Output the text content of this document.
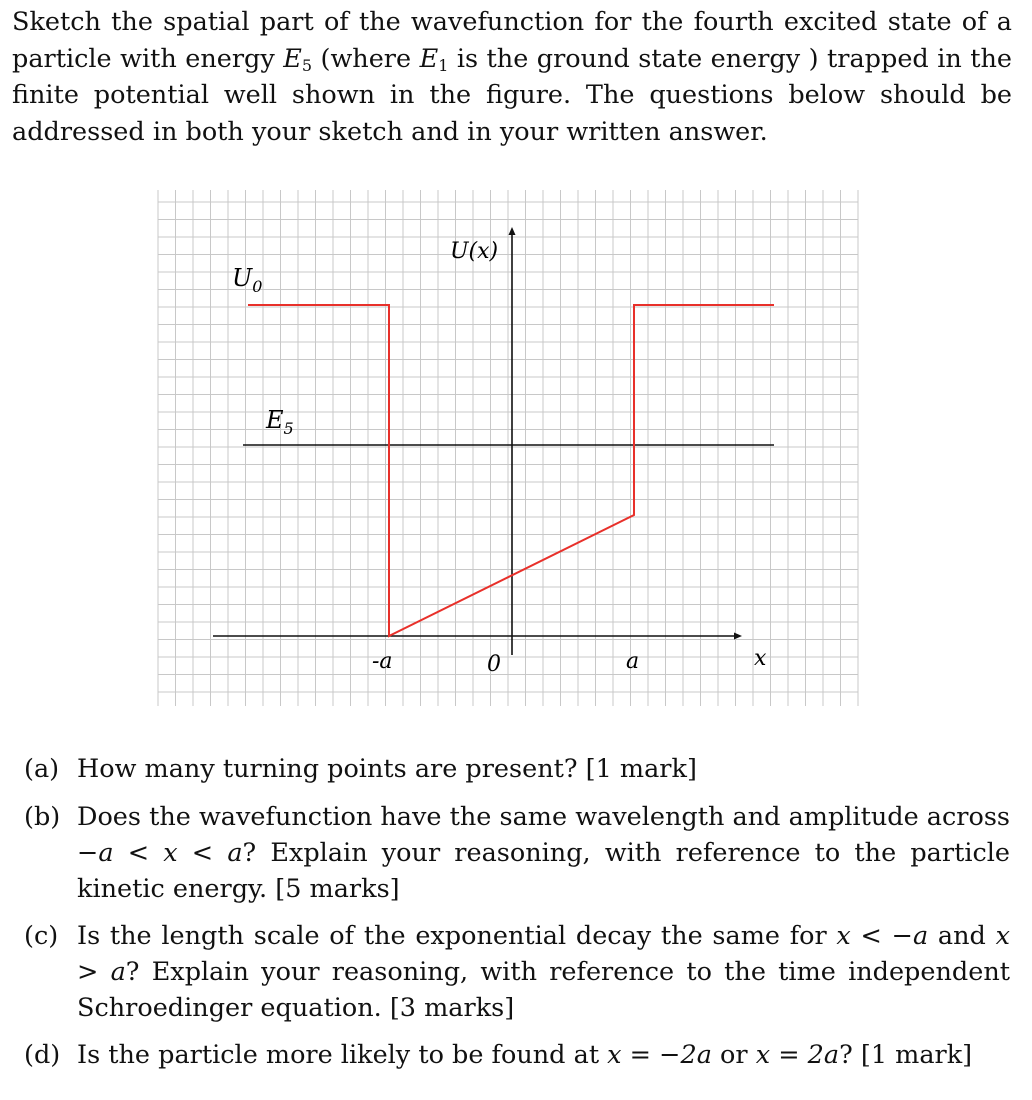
Sketch the spatial part of the wavefunction for the fourth excited state of a particle with energy $E_5$ (where $E_1$ is the ground state energy ) trapped in the finite potential well shown in the figure. The questions below should be addressed in both your sketch and in your written answer.
U(x)
x
$U_0$
$E_5$
-a	0	a
(a) How many turning points are present? [1 mark]
(b) Does the wavefunction have the same wavelength and amplitude across −a < x < a? Explain your reasoning, with reference to the particle kinetic energy. [5 marks]
(c) Is the length scale of the exponential decay the same for x < −a and x > a? Explain your reasoning, with reference to the time independent Schroedinger equation. [3 marks]
(d) Is the particle more likely to be found at x = −2a or x = 2a? [1 mark]
